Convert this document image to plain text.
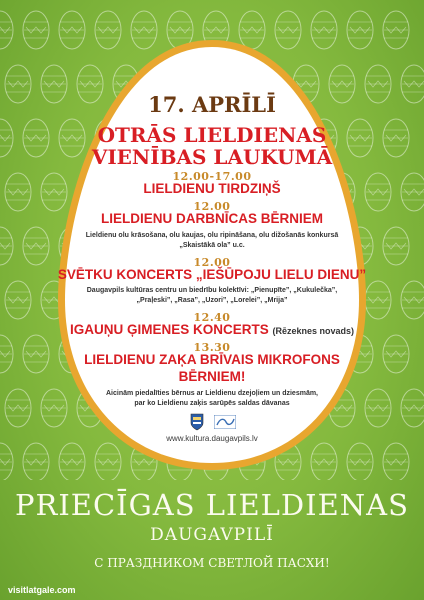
17. APRĪLĪ

OTRĀS LIELDIENAS

VIENĪBAS LAUKUMĀ

12.00-17.00

LIELDIENU TIRDZIŅŠ

12.00

LIELDIENU DARBNĪCAS BĒRNIEM

Lieldienu olu krāsošana, olu kaujas, olu ripināšana, olu dižošanās konkursā

„Skaistākā ola” u.c.

12.00

SVĒTKU KONCERTS „IEŠŪPOJU LIELU DIENU”

Daugavpils kultūras centru un biedrību kolektīvi: „Pienupīte”, „Kukulečka”,

„Praļeski”, „Rasa”, „Uzori”, „Lorelei”, „Mrija”

12.40

IGAUŅU ĢIMENES KONCERTS (Rēzeknes novads)

13.30

LIELDIENU ZAĶA BRĪVAIS MIKROFONS

BĒRNIEM!

Aicinām piedalīties bērnus ar Lieldienu dzejoļiem un dziesmām,

par ko Lieldienu zaķis sarūpēs saldas dāvanas

www.kultura.daugavpils.lv

PRIECĪGAS LIELDIENAS

DAUGAVPILĪ

С ПРАЗДНИКОМ СВЕТЛОЙ ПАСХИ!

visitlatgale.com
